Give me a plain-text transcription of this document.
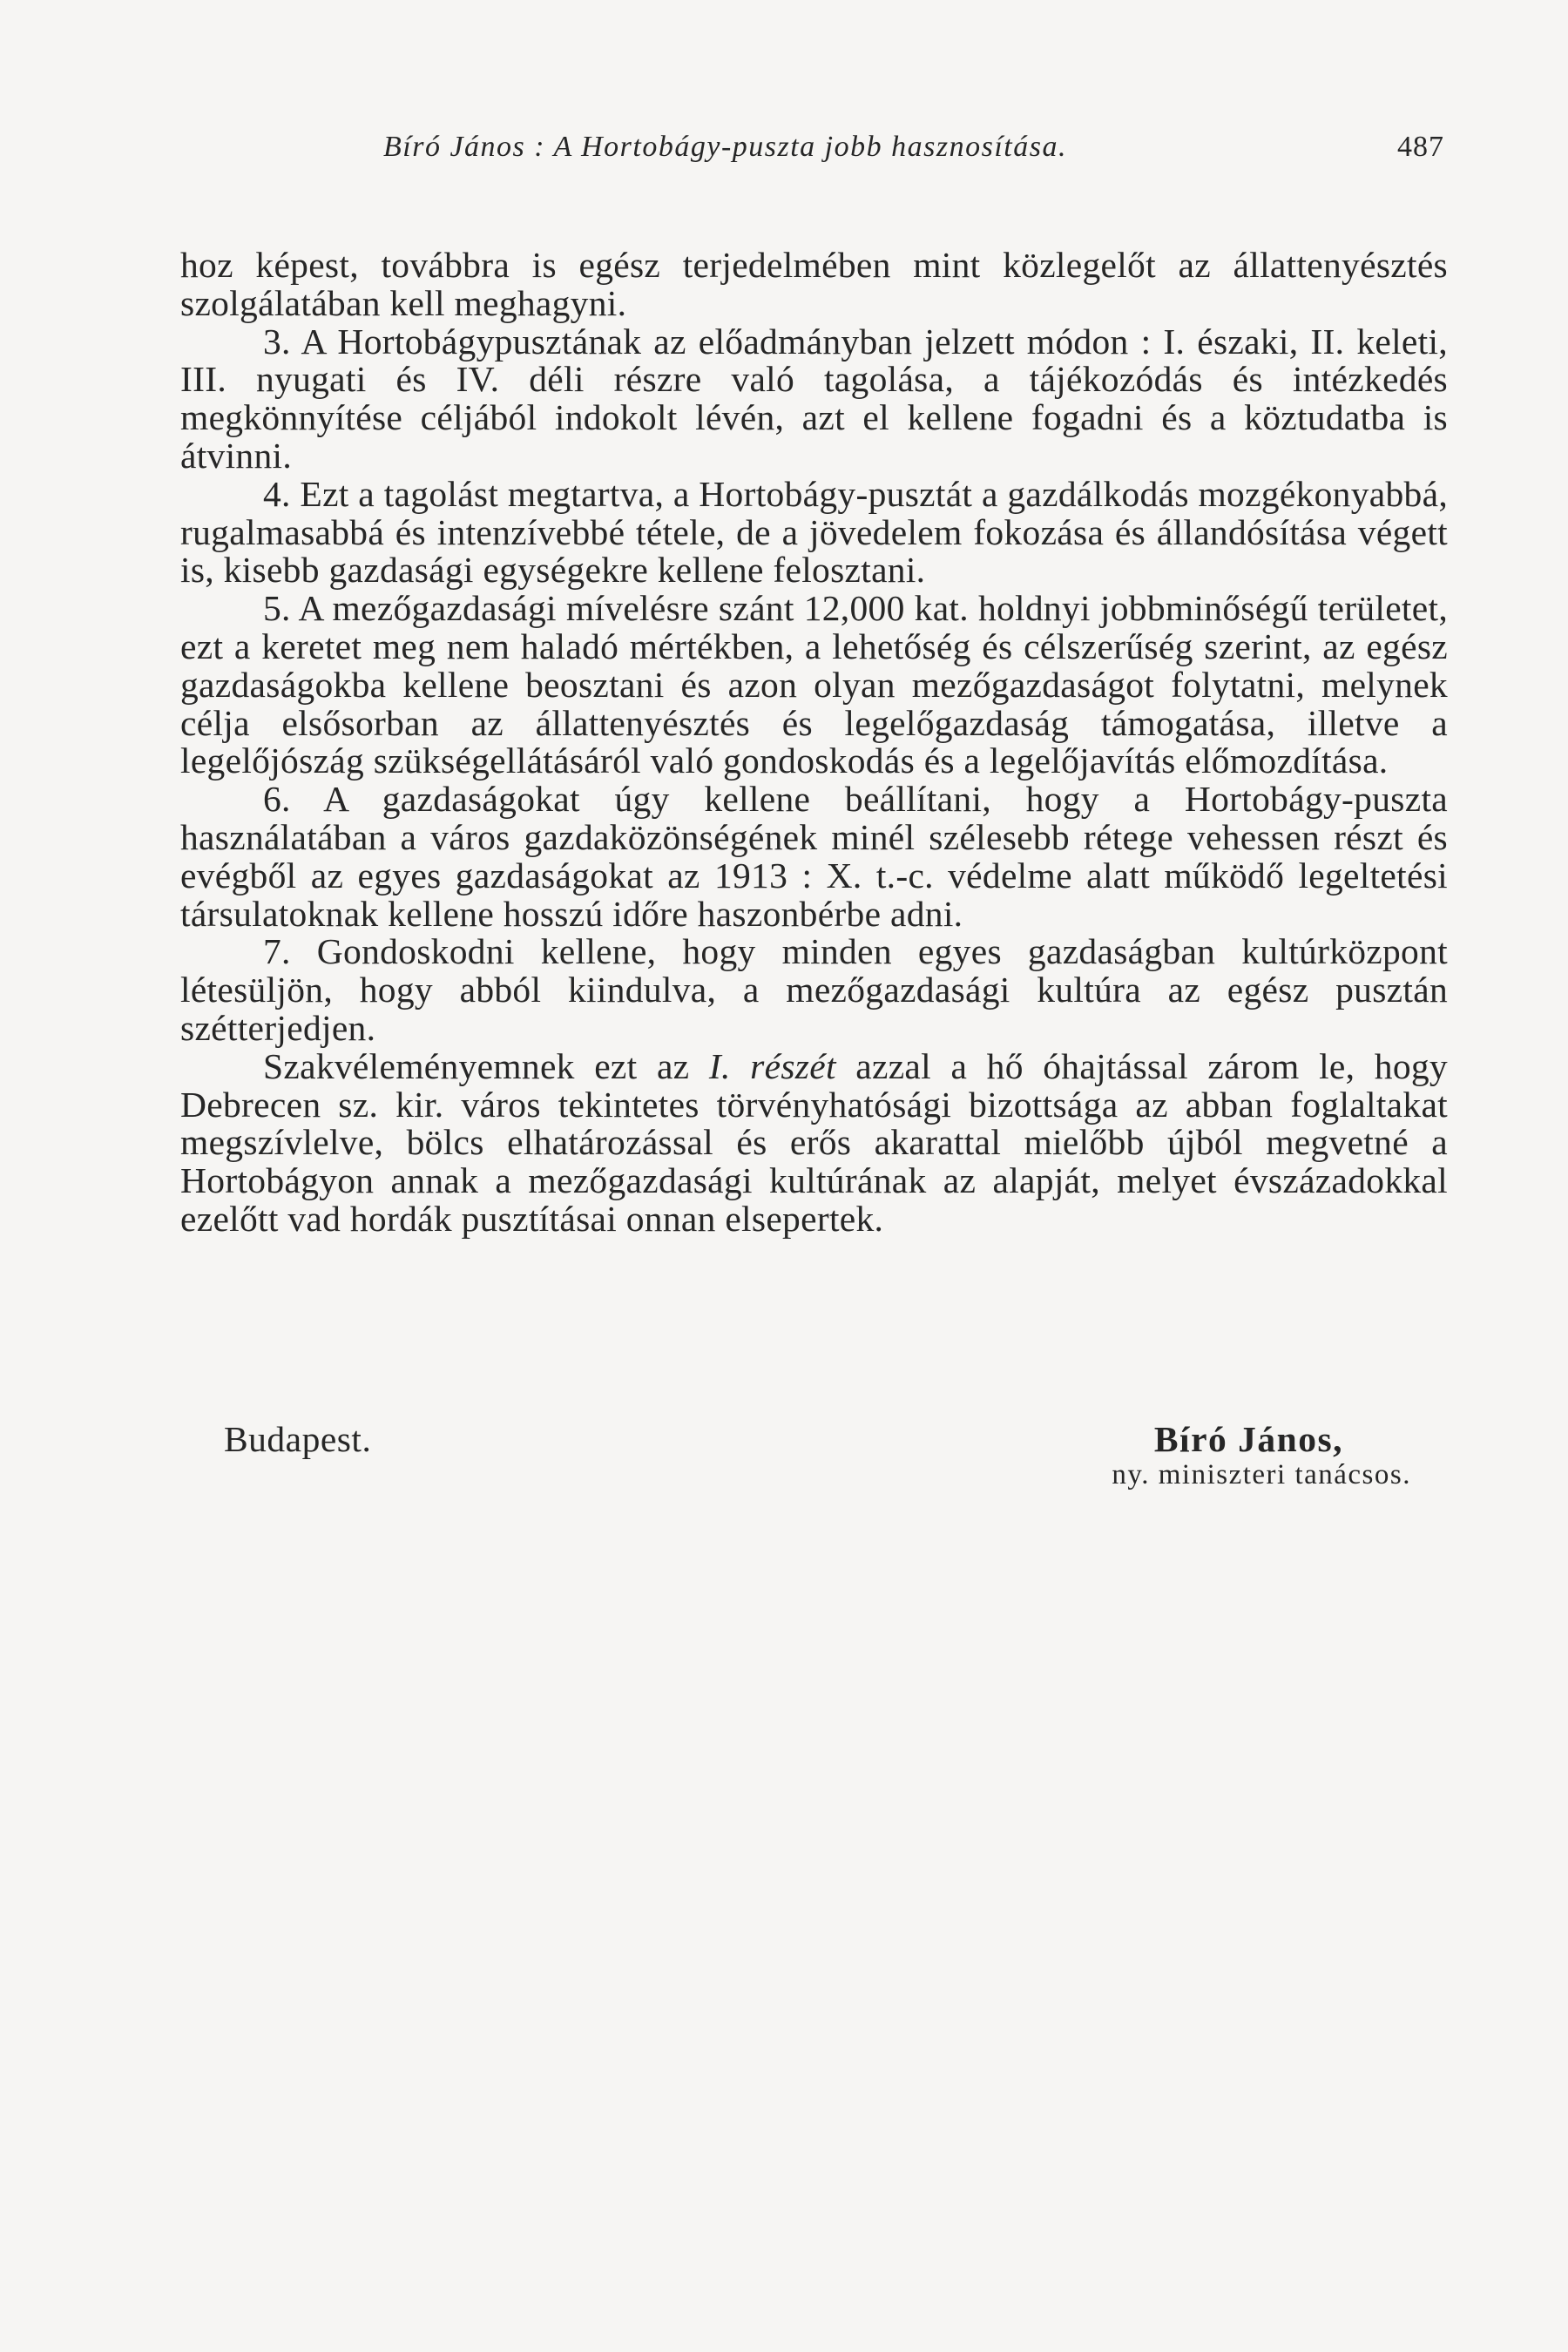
Bíró János : A Hortobágy-puszta jobb hasznosítása.	487

hoz képest, továbbra is egész terjedelmében mint közlegelőt az állattenyésztés szolgálatában kell meghagyni.

3. A Hortobágypusztának az előadmányban jelzett módon : I. északi, II. keleti, III. nyugati és IV. déli részre való tagolása, a tájékozódás és intézkedés megkönnyítése céljából indokolt lévén, azt el kellene fogadni és a köztudatba is átvinni.

4. Ezt a tagolást megtartva, a Hortobágy-pusztát a gazdálkodás mozgékonyabbá, rugalmasabbá és intenzívebbé tétele, de a jövedelem fokozása és állandósítása végett is, kisebb gazdasági egységekre kellene felosztani.

5. A mezőgazdasági mívelésre szánt 12,000 kat. holdnyi jobbminőségű területet, ezt a keretet meg nem haladó mértékben, a lehetőség és célszerűség szerint, az egész gazdaságokba kellene beosztani és azon olyan mezőgazdaságot folytatni, melynek célja elsősorban az állattenyésztés és legelőgazdaság támogatása, illetve a legelőjószág szükségellátásáról való gondoskodás és a legelőjavítás előmozdítása.

6. A gazdaságokat úgy kellene beállítani, hogy a Hortobágy-puszta használatában a város gazdaközönségének minél szélesebb rétege vehessen részt és evégből az egyes gazdaságokat az 1913 : X. t.-c. védelme alatt működő legeltetési társulatoknak kellene hosszú időre haszonbérbe adni.

7. Gondoskodni kellene, hogy minden egyes gazdaságban kultúrközpont létesüljön, hogy abból kiindulva, a mezőgazdasági kultúra az egész pusztán szétterjedjen.

Szakvéleményemnek ezt az I. részét azzal a hő óhajtással zárom le, hogy Debrecen sz. kir. város tekintetes törvényhatósági bizottsága az abban foglaltakat megszívlelve, bölcs elhatározással és erős akarattal mielőbb újból megvetné a Hortobágyon annak a mezőgazdasági kultúrának az alapját, melyet évszázadokkal ezelőtt vad hordák pusztításai onnan elsepertek.

Budapest.	Bíró János,
ny. miniszteri tanácsos.
